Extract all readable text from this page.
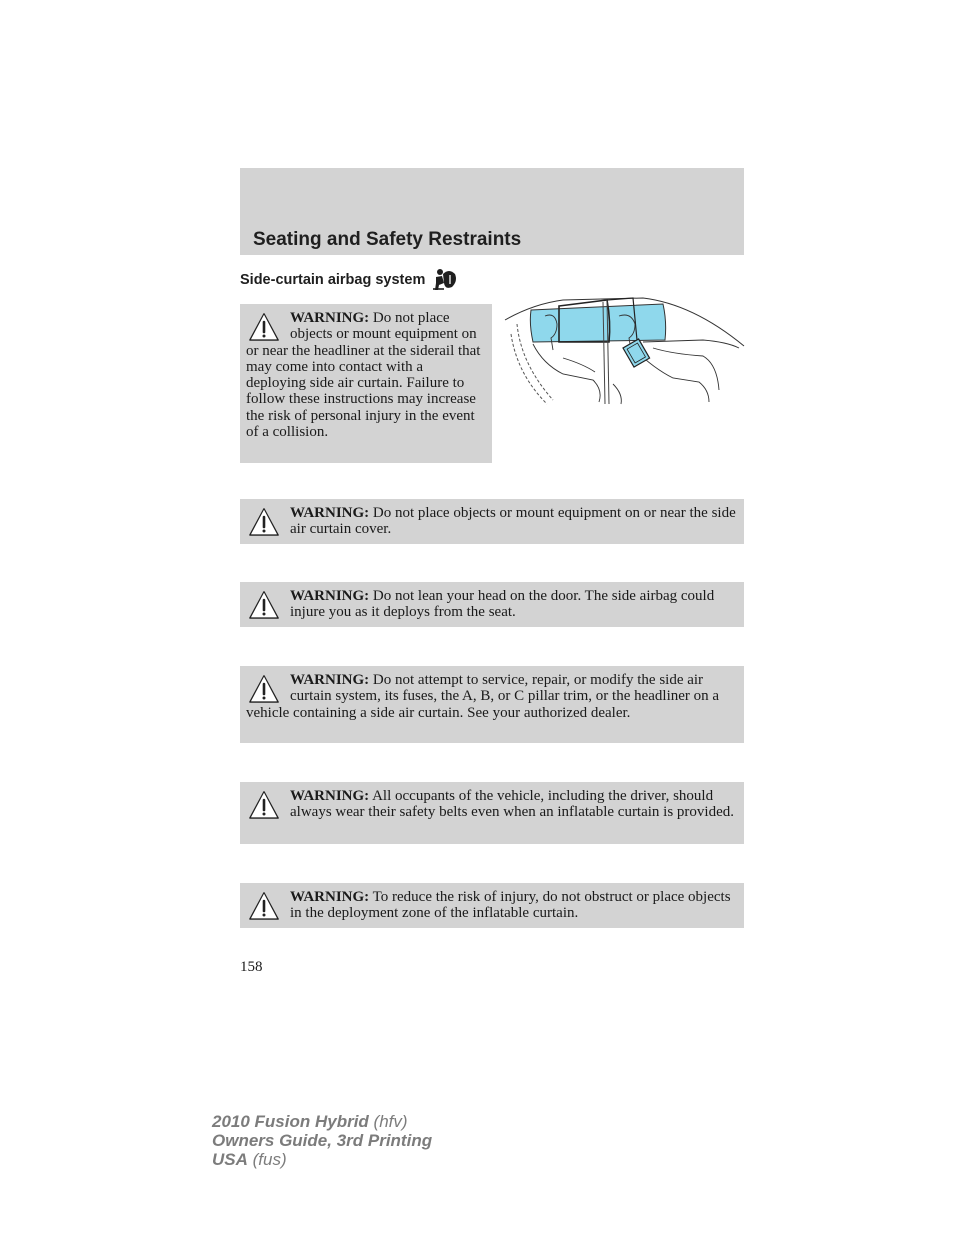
Seating and Safety Restraints
Side-curtain airbag system
WARNING: Do not place objects or mount equipment on or near the headliner at the siderail that may come into contact with a deploying side air curtain. Failure to follow these instructions may increase the risk of personal injury in the event of a collision.
WARNING: Do not place objects or mount equipment on or near the side air curtain cover.
WARNING: Do not lean your head on the door. The side airbag could injure you as it deploys from the seat.
WARNING: Do not attempt to service, repair, or modify the side air curtain system, its fuses, the A, B, or C pillar trim, or the headliner on a vehicle containing a side air curtain. See your authorized dealer.
WARNING: All occupants of the vehicle, including the driver, should always wear their safety belts even when an inflatable curtain is provided.
WARNING: To reduce the risk of injury, do not obstruct or place objects in the deployment zone of the inflatable curtain.
158
2010 Fusion Hybrid (hfv)
Owners Guide, 3rd Printing
USA (fus)
